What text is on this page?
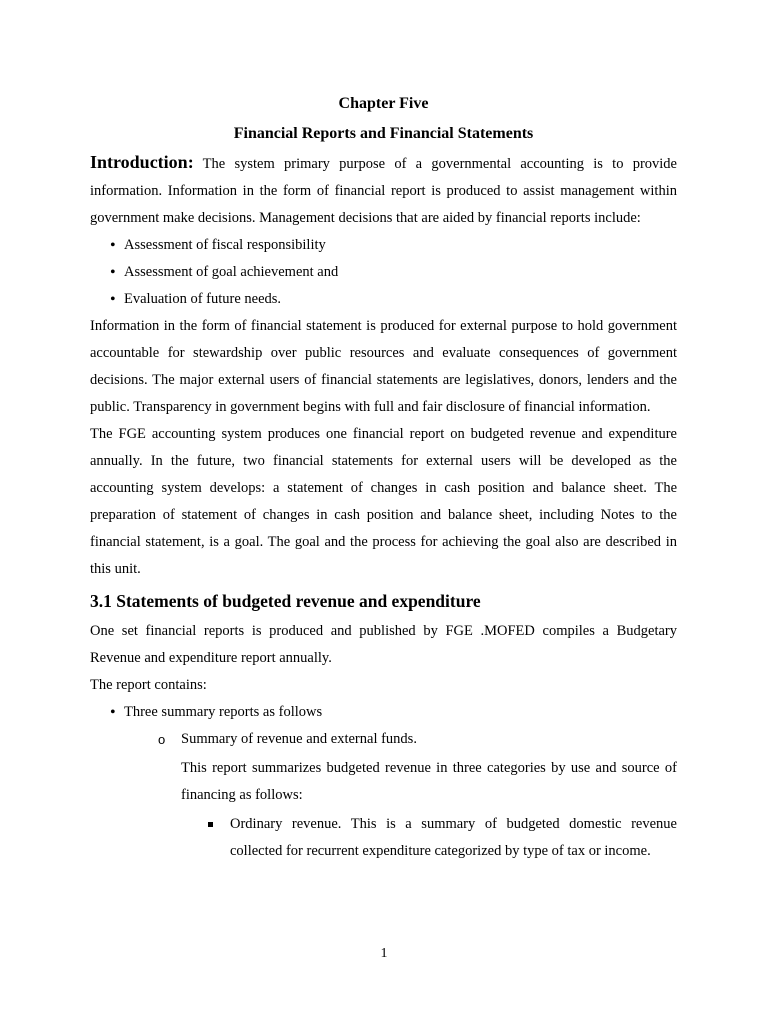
Chapter Five
Financial Reports and Financial Statements

Introduction: The system primary purpose of a governmental accounting is to provide information. Information in the form of financial report is produced to assist management within government make decisions. Management decisions that are aided by financial reports include:

• Assessment of fiscal responsibility
• Assessment of goal achievement and
• Evaluation of future needs.

Information in the form of financial statement is produced for external purpose to hold government accountable for stewardship over public resources and evaluate consequences of government decisions. The major external users of financial statements are legislatives, donors, lenders and the public. Transparency in government begins with full and fair disclosure of financial information.

The FGE accounting system produces one financial report on budgeted revenue and expenditure annually. In the future, two financial statements for external users will be developed as the accounting system develops: a statement of changes in cash position and balance sheet. The preparation of statement of changes in cash position and balance sheet, including Notes to the financial statement, is a goal. The goal and the process for achieving the goal also are described in this unit.

3.1 Statements of budgeted revenue and expenditure

One set financial reports is produced and published by FGE .MOFED compiles a Budgetary Revenue and expenditure report annually.

The report contains:

• Three summary reports as follows
o Summary of revenue and external funds.

This report summarizes budgeted revenue in three categories by use and source of financing as follows:

Ordinary revenue. This is a summary of budgeted domestic revenue collected for recurrent expenditure categorized by type of tax or income.
1
